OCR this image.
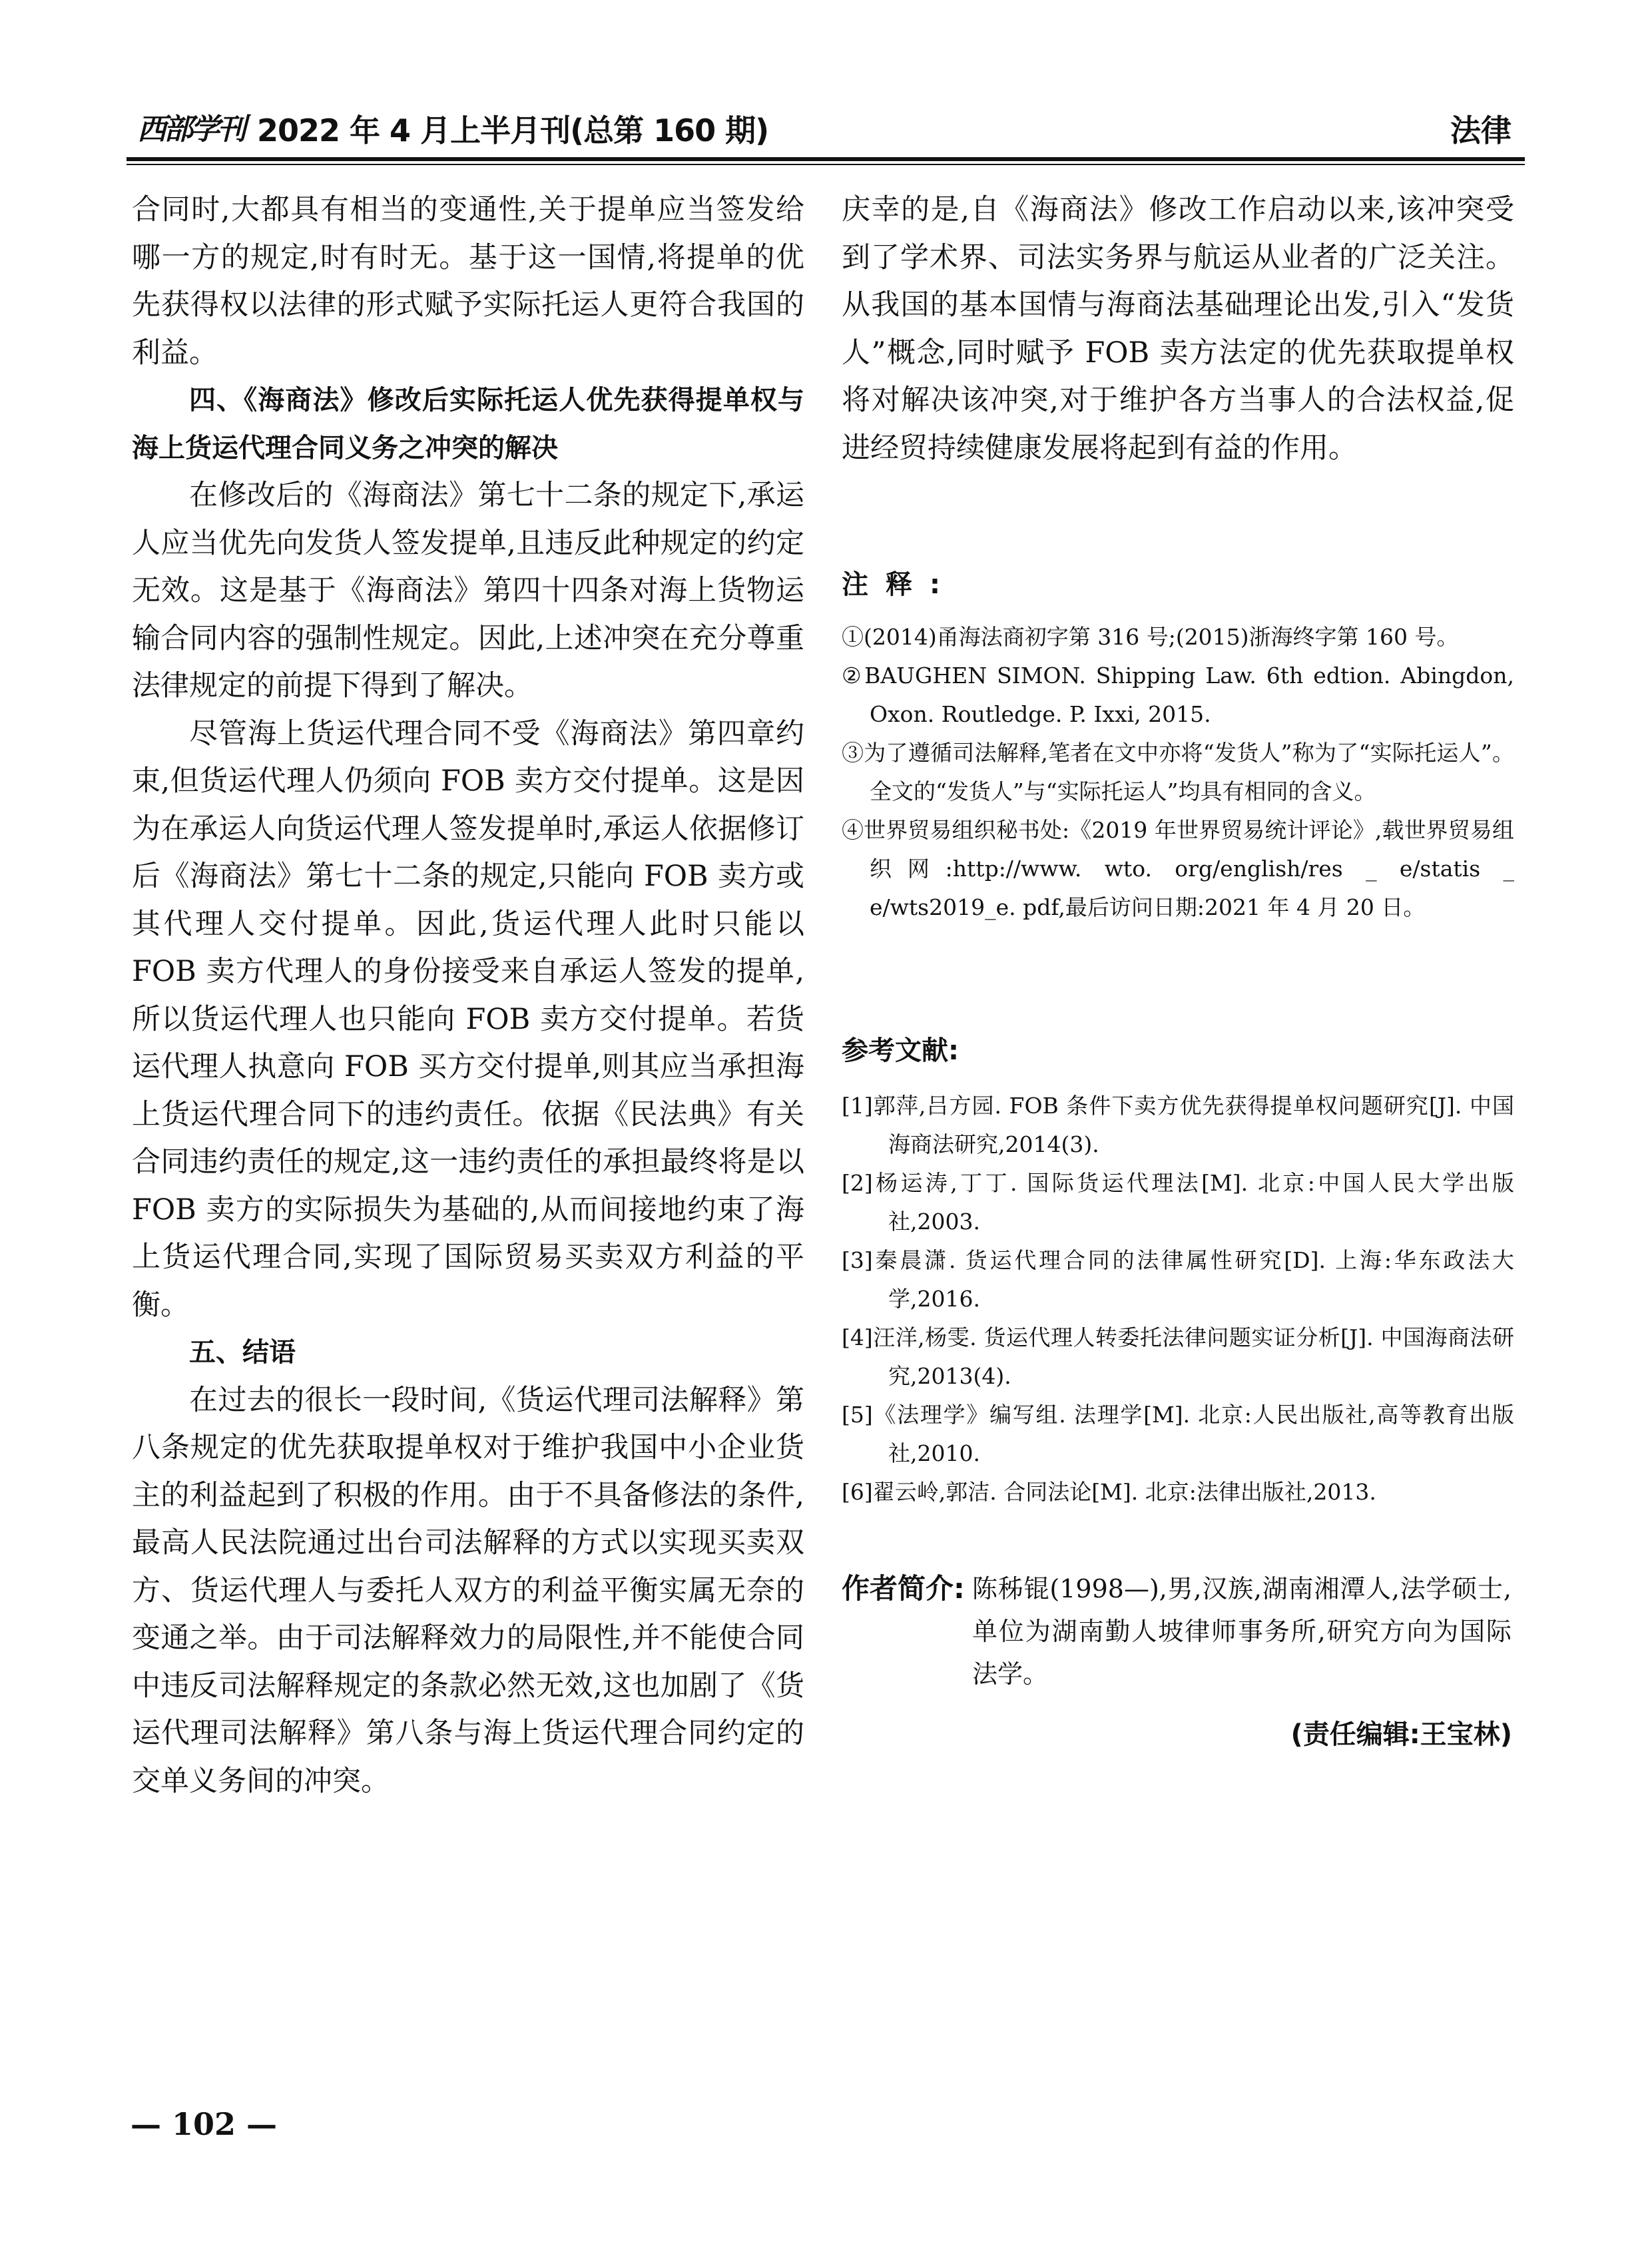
西部学刊 2022 年 4 月上半月刊(总第 160 期)	法律

合同时,大都具有相当的变通性,关于提单应当签发给哪一方的规定,时有时无。基于这一国情,将提单的优先获得权以法律的形式赋予实际托运人更符合我国的利益。

四、《海商法》修改后实际托运人优先获得提单权与海上货运代理合同义务之冲突的解决

在修改后的《海商法》第七十二条的规定下,承运人应当优先向发货人签发提单,且违反此种规定的约定无效。这是基于《海商法》第四十四条对海上货物运输合同内容的强制性规定。因此,上述冲突在充分尊重法律规定的前提下得到了解决。

尽管海上货运代理合同不受《海商法》第四章约束,但货运代理人仍须向 FOB 卖方交付提单。这是因为在承运人向货运代理人签发提单时,承运人依据修订后《海商法》第七十二条的规定,只能向 FOB 卖方或其代理人交付提单。因此,货运代理人此时只能以 FOB 卖方代理人的身份接受来自承运人签发的提单,所以货运代理人也只能向 FOB 卖方交付提单。若货运代理人执意向 FOB 买方交付提单,则其应当承担海上货运代理合同下的违约责任。依据《民法典》有关合同违约责任的规定,这一违约责任的承担最终将是以 FOB 卖方的实际损失为基础的,从而间接地约束了海上货运代理合同,实现了国际贸易买卖双方利益的平衡。

五、结语

在过去的很长一段时间,《货运代理司法解释》第八条规定的优先获取提单权对于维护我国中小企业货主的利益起到了积极的作用。由于不具备修法的条件,最高人民法院通过出台司法解释的方式以实现买卖双方、货运代理人与委托人双方的利益平衡实属无奈的变通之举。由于司法解释效力的局限性,并不能使合同中违反司法解释规定的条款必然无效,这也加剧了《货运代理司法解释》第八条与海上货运代理合同约定的交单义务间的冲突。

庆幸的是,自《海商法》修改工作启动以来,该冲突受到了学术界、司法实务界与航运从业者的广泛关注。从我国的基本国情与海商法基础理论出发,引入“发货人”概念,同时赋予 FOB 卖方法定的优先获取提单权将对解决该冲突,对于维护各方当事人的合法权益,促进经贸持续健康发展将起到有益的作用。

注释:

①(2014)甬海法商初字第 316 号;(2015)浙海终字第 160 号。

②BAUGHEN SIMON. Shipping Law. 6th edtion. Abingdon, Oxon. Routledge. P. Ixxi, 2015.

③为了遵循司法解释,笔者在文中亦将“发货人”称为了“实际托运人”。全文的“发货人”与“实际托运人”均具有相同的含义。

④世界贸易组织秘书处:《2019 年世界贸易统计评论》,载世界贸易组织网:http://www. wto. org/english/res _ e/statis _ e/wts2019_e. pdf,最后访问日期:2021 年 4 月 20 日。

参考文献:

[1]郭萍,吕方园. FOB 条件下卖方优先获得提单权问题研究[J]. 中国海商法研究,2014(3).

[2]杨运涛,丁丁. 国际货运代理法[M]. 北京:中国人民大学出版社,2003.

[3]秦晨潇. 货运代理合同的法律属性研究[D]. 上海:华东政法大学,2016.

[4]汪洋,杨雯. 货运代理人转委托法律问题实证分析[J]. 中国海商法研究,2013(4).

[5]《法理学》编写组. 法理学[M]. 北京:人民出版社,高等教育出版社,2010.

[6]翟云岭,郭洁. 合同法论[M]. 北京:法律出版社,2013.

作者简介: 陈秭锟(1998—),男,汉族,湖南湘潭人,法学硕士,单位为湖南勤人坡律师事务所,研究方向为国际法学。
(责任编辑:王宝林)
— 102 —
